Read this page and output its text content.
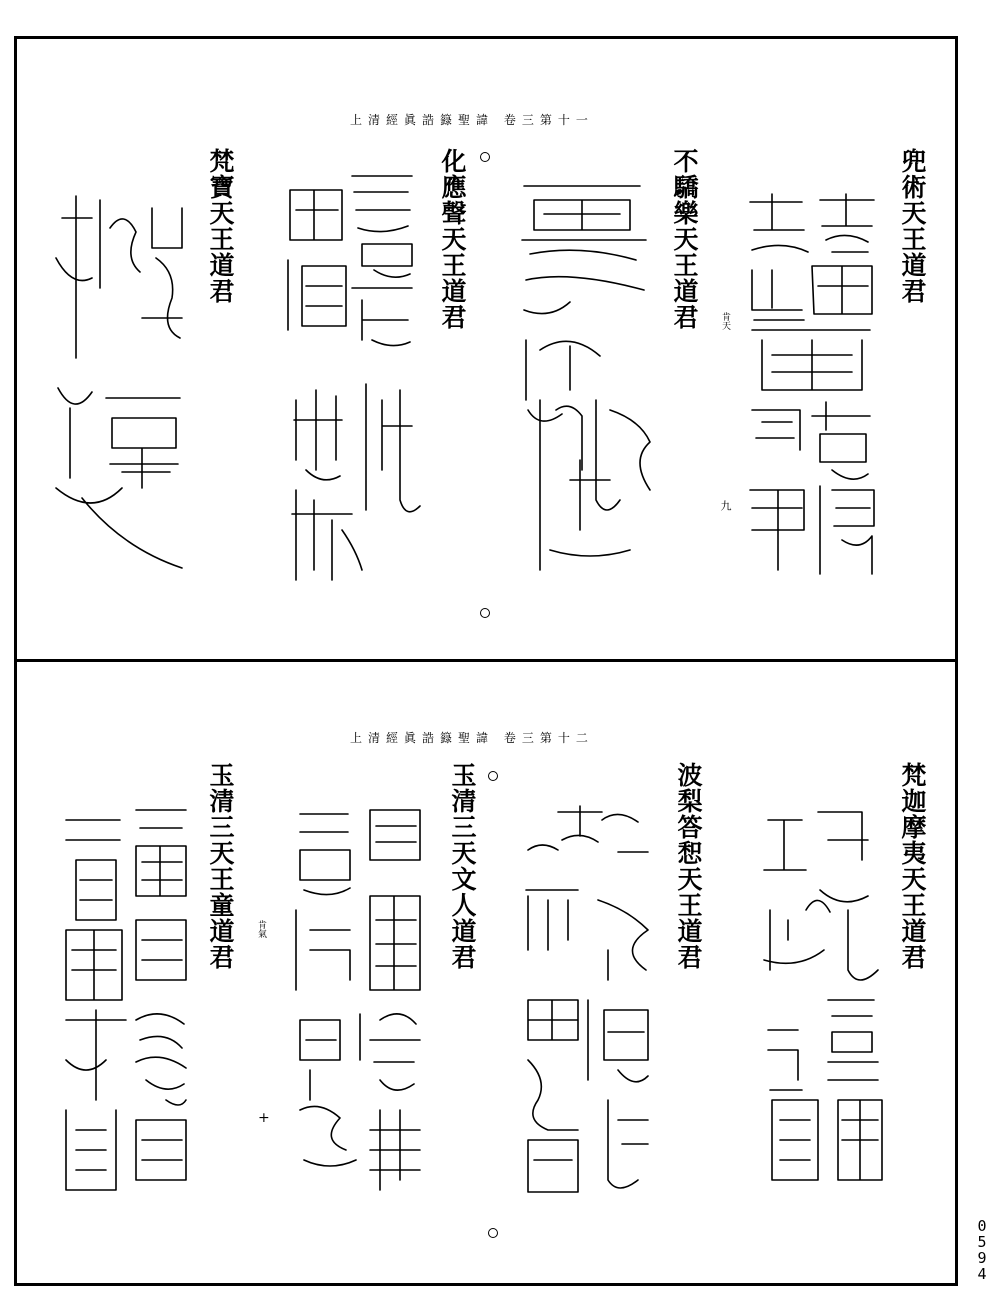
0
5
9
4
上清經眞誥籙聖諱 卷三第十一
兜術天王道君
不驕樂天王道君
化應聲天王道君
梵寶天王道君
肯天
九
上清經眞誥籙聖諱 卷三第十二
梵迦摩夷天王道君
波梨答惒天王道君
玉清三天文人道君
玉清三天王童道君 肯氣
+
